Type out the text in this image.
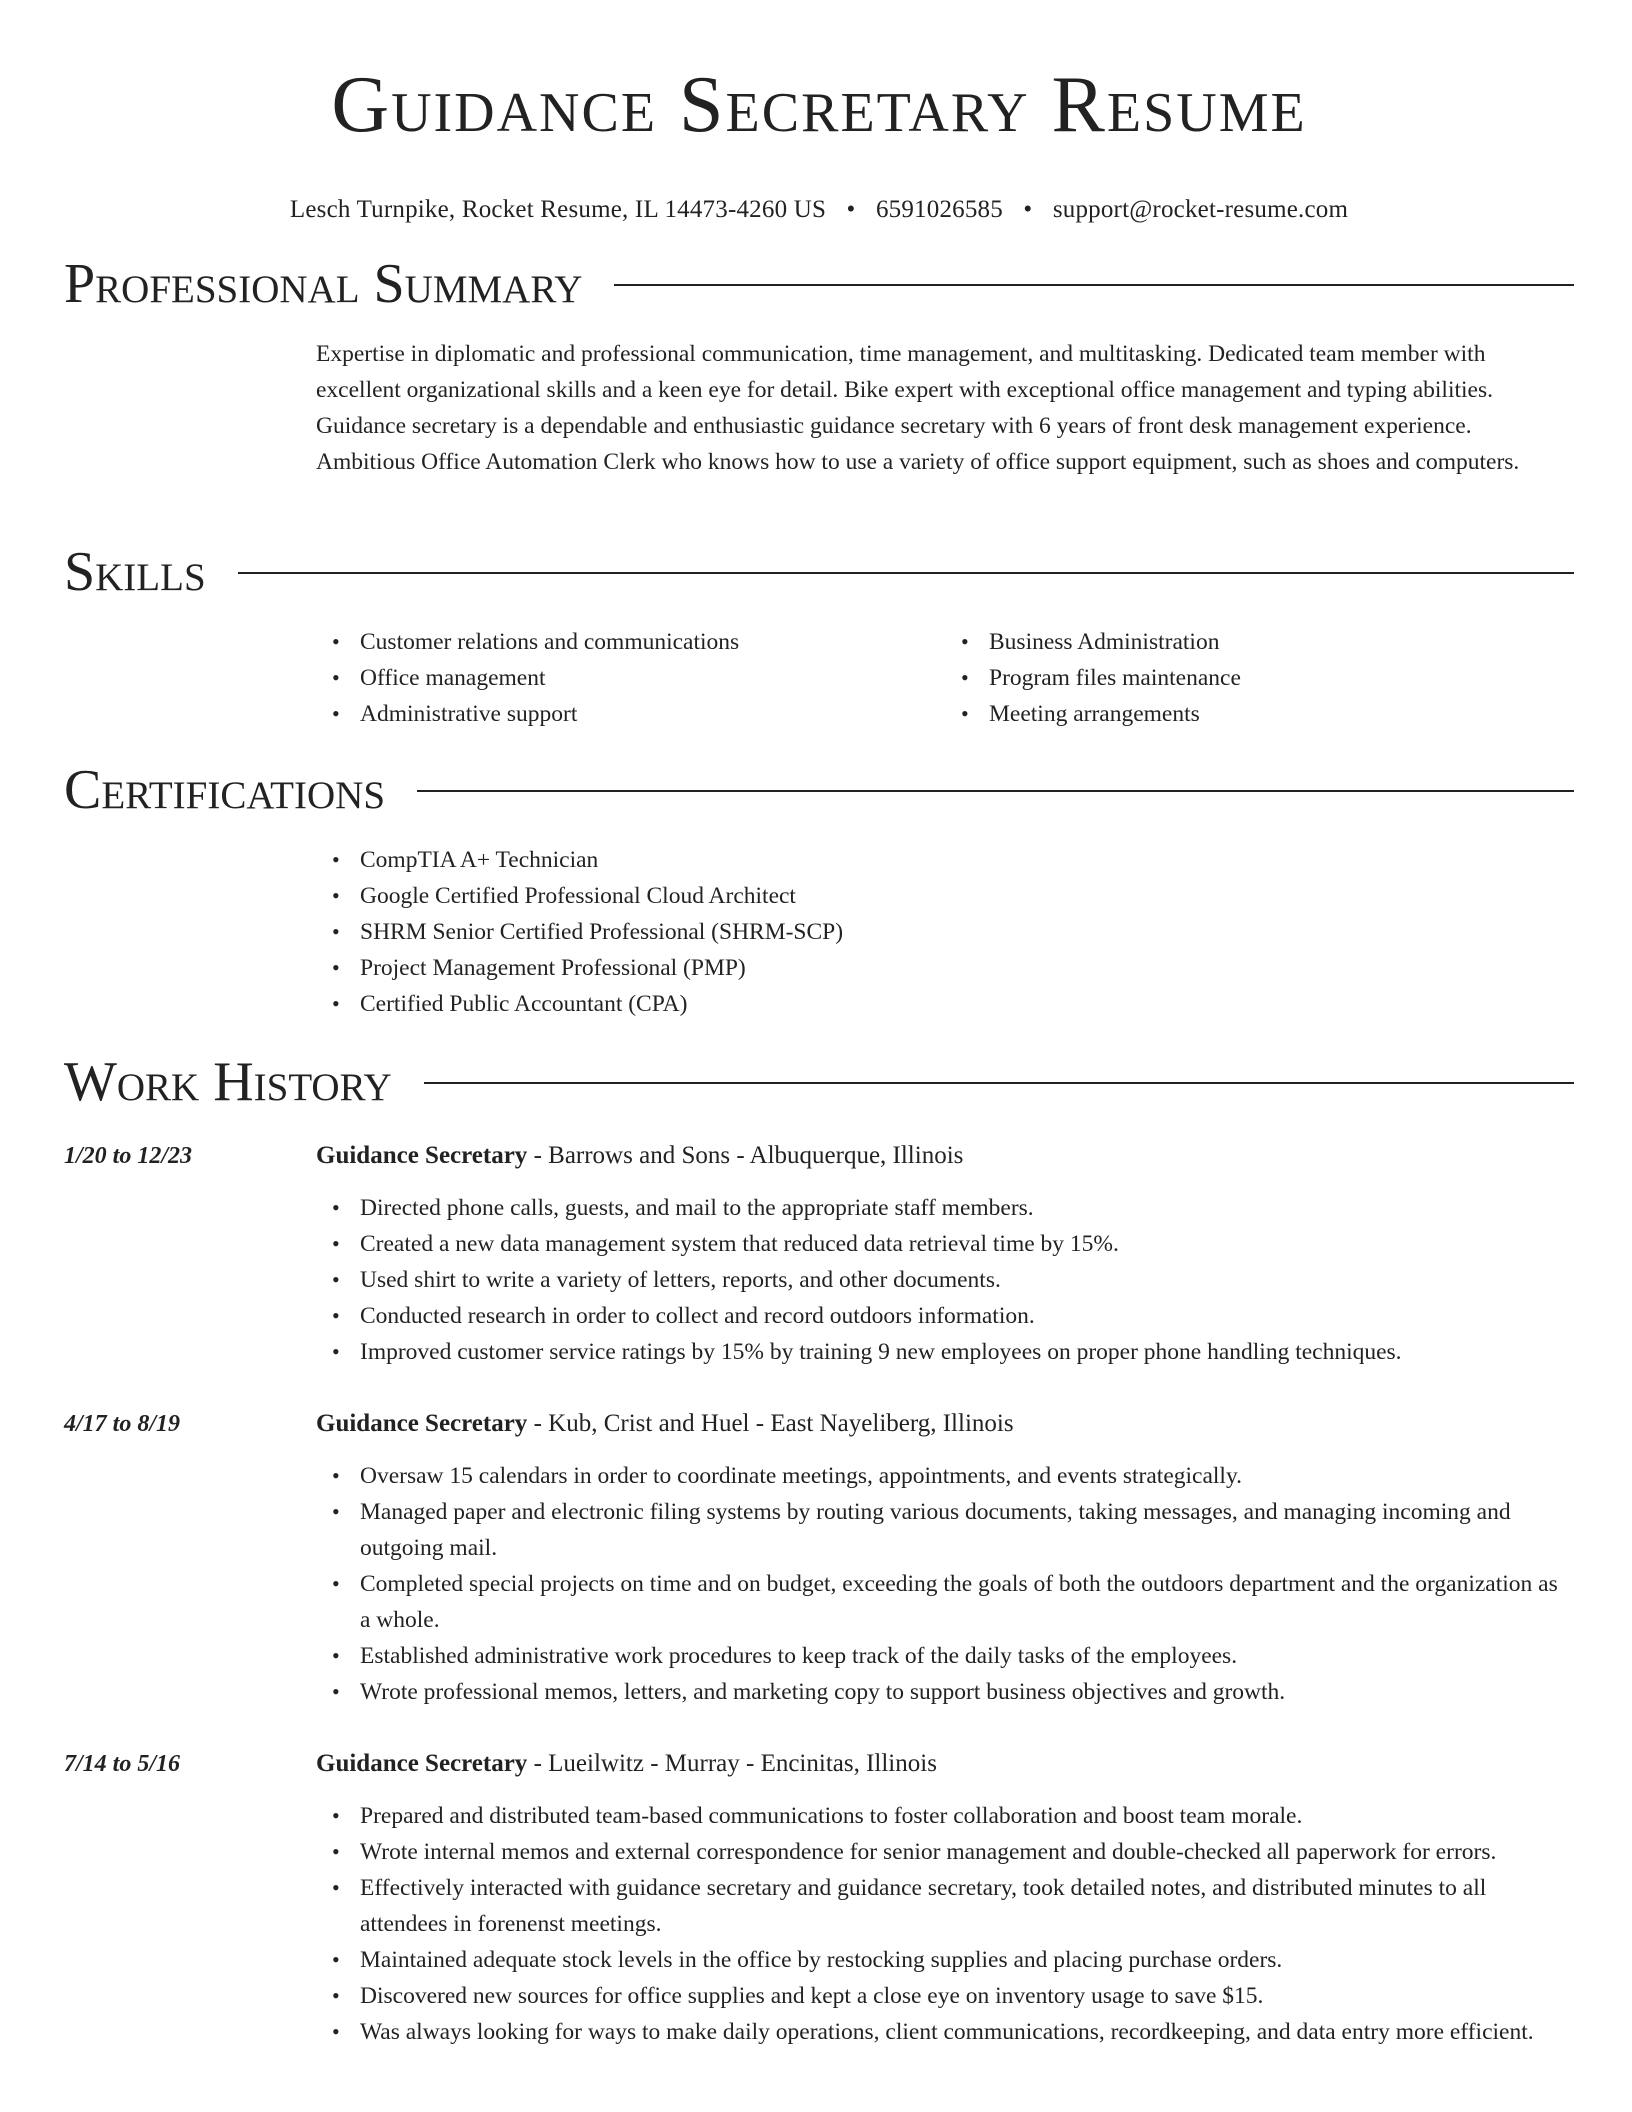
Guidance Secretary Resume
Lesch Turnpike, Rocket Resume, IL 14473-4260 US • 6591026585 • support@rocket-resume.com
Professional Summary

Expertise in diplomatic and professional communication, time management, and multitasking. Dedicated team member with excellent organizational skills and a keen eye for detail. Bike expert with exceptional office management and typing abilities. Guidance secretary is a dependable and enthusiastic guidance secretary with 6 years of front desk management experience. Ambitious Office Automation Clerk who knows how to use a variety of office support equipment, such as shoes and computers.

Skills
• Customer relations and communications
• Office management
• Administrative support
• Business Administration
• Program files maintenance
• Meeting arrangements
Certifications
• CompTIA A+ Technician
• Google Certified Professional Cloud Architect
• SHRM Senior Certified Professional (SHRM-SCP)
• Project Management Professional (PMP)
• Certified Public Accountant (CPA)
Work History
1/20 to 12/23	Guidance Secretary - Barrows and Sons - Albuquerque, Illinois
• Directed phone calls, guests, and mail to the appropriate staff members.
• Created a new data management system that reduced data retrieval time by 15%.
• Used shirt to write a variety of letters, reports, and other documents.
• Conducted research in order to collect and record outdoors information.
• Improved customer service ratings by 15% by training 9 new employees on proper phone handling techniques.
4/17 to 8/19	Guidance Secretary - Kub, Crist and Huel - East Nayeliberg, Illinois
• Oversaw 15 calendars in order to coordinate meetings, appointments, and events strategically.
• Managed paper and electronic filing systems by routing various documents, taking messages, and managing incoming and outgoing mail.
• Completed special projects on time and on budget, exceeding the goals of both the outdoors department and the organization as a whole.
• Established administrative work procedures to keep track of the daily tasks of the employees.
• Wrote professional memos, letters, and marketing copy to support business objectives and growth.
7/14 to 5/16	Guidance Secretary - Lueilwitz - Murray - Encinitas, Illinois
• Prepared and distributed team-based communications to foster collaboration and boost team morale.
• Wrote internal memos and external correspondence for senior management and double-checked all paperwork for errors.
• Effectively interacted with guidance secretary and guidance secretary, took detailed notes, and distributed minutes to all attendees in forenenst meetings.
• Maintained adequate stock levels in the office by restocking supplies and placing purchase orders.
• Discovered new sources for office supplies and kept a close eye on inventory usage to save $15.
• Was always looking for ways to make daily operations, client communications, recordkeeping, and data entry more efficient.
